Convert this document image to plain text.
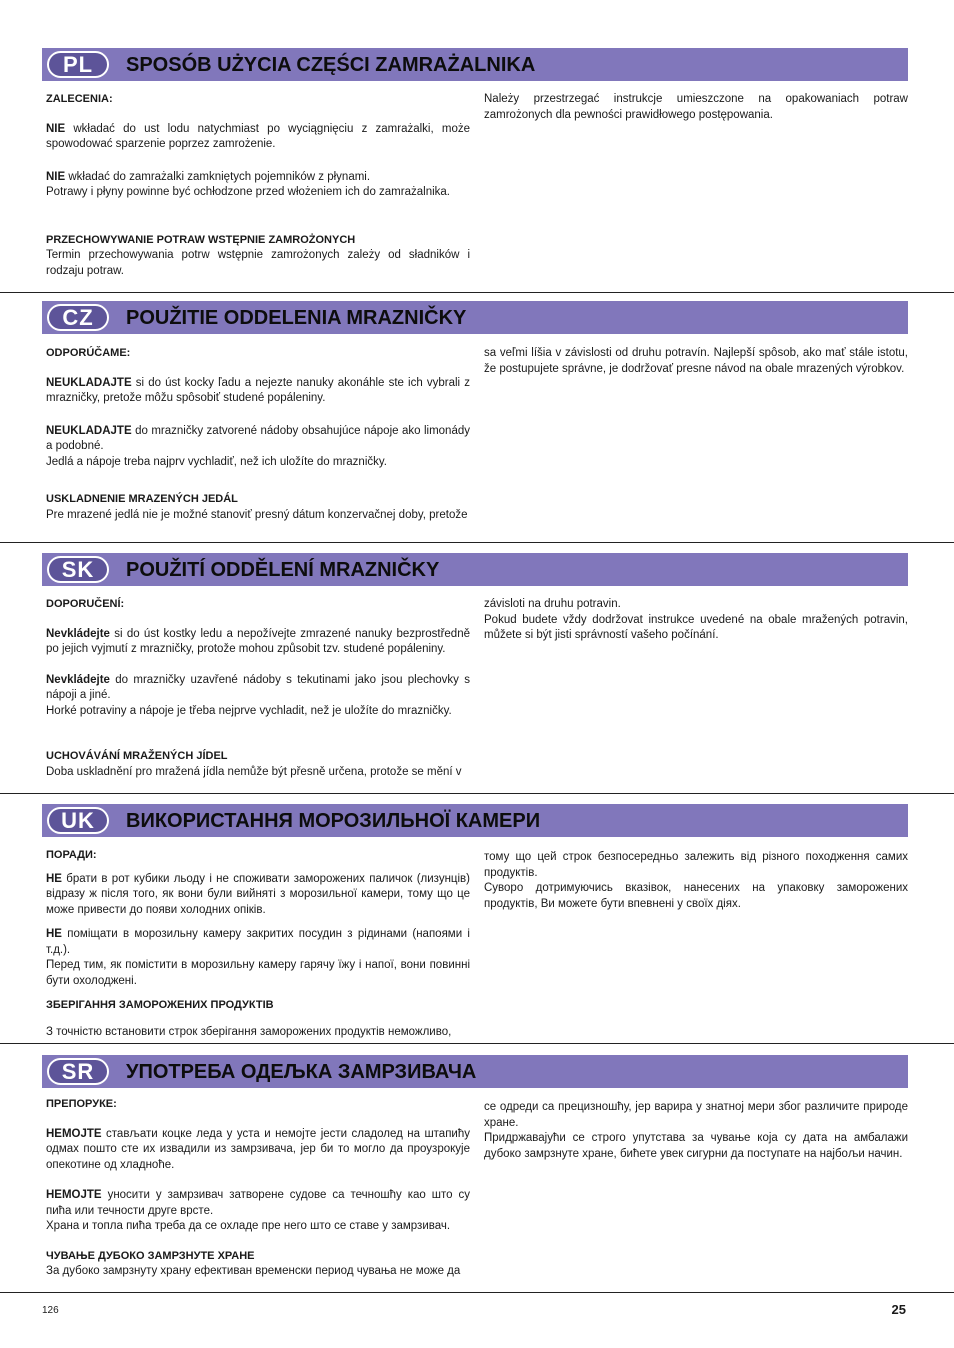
PL	SPOSÓB UŻYCIA CZĘŚCI ZAMRAŻALNIKA

ZALECENIA:

NIE wkładać do ust lodu natychmiast po wyciągnięciu z zamrażalki, może spowodować sparzenie poprzez zamrożenie.

NIE wkładać do zamrażalki zamkniętych pojemników z płynami.

Potrawy i płyny powinne być ochłodzone przed włożeniem ich do zamrażalnika.

PRZECHOWYWANIE POTRAW WSTĘPNIE ZAMROŻONYCH

Termin przechowywania potrw wstępnie zamrożonych zależy od sładników i rodzaju potraw.

Należy przestrzegać instrukcje umieszczone na opakowaniach potraw zamrożonych dla pewności prawidłowego postępowania.

CZ	POUŽITIE ODDELENIA MRAZNIČKY

ODPORÚČAME:

NEUKLADAJTE si do úst kocky ľadu a nejezte nanuky akonáhle ste ich vybrali z mrazničky, pretože môžu spôsobiť studené popáleniny.

NEUKLADAJTE do mrazničky zatvorené nádoby obsahujúce nápoje ako limonády a podobné.

Jedlá a nápoje treba najprv vychladiť, než ich uložíte do mrazničky.

USKLADNENIE MRAZENÝCH JEDÁL

Pre mrazené jedlá nie je možné stanoviť presný dátum konzervačnej doby, pretože

sa veľmi líšia v závislosti od druhu potravín. Najlepší spôsob, ako mať stále istotu, že postupujete správne, je dodržovať presne návod na obale mrazených výrobkov.

SK	POUŽITÍ ODDĚLENÍ MRAZNIČKY

DOPORUČENÍ:

Nevkládejte si do úst kostky ledu a nepožívejte zmrazené nanuky bezprostředně po jejich vyjmutí z mrazničky, protože mohou způsobit tzv. studené popáleniny.

Nevkládejte do mrazničky uzavřené nádoby s tekutinami jako jsou plechovky s nápoji a jiné.

Horké potraviny a nápoje je třeba nejprve vychladit, než je uložíte do mrazničky.

UCHOVÁVÁNÍ MRAŽENÝCH JÍDEL

Doba uskladnění pro mražená jídla nemůže být přesně určena, protože se mění v

závisloti na druhu potravin.

Pokud budete vždy dodržovat instrukce uvedené na obale mražených potravin, můžete si být jisti správností vašeho počínání.

UK	ВИКОРИСТАННЯ МОРОЗИЛЬНОЇ КАМЕРИ

ПОРАДИ:

НЕ брати в рот кубики льоду і не споживати заморожених паличок (лизунців) відразу ж після того, як вони були вийняті з морозильної камери, тому що це може привести до появи холодних опіків.

НЕ поміщати в морозильну камеру закритих посудин з рідинами (напоями і т.д.).

Перед тим, як помістити в морозильну камеру гарячу їжу і напої, вони повинні бути охолоджені.

ЗБЕРІГАННЯ ЗАМОРОЖЕНИХ ПРОДУКТІВ

З точністю встановити строк зберігання заморожених продуктів неможливо,

тому що цей строк безпосередньо залежить від різного походження самих продуктів.

Суворо дотримуючись вказівок, нанесених на упаковку заморожених продуктів, Ви можете бути впевнені у своїх діях.

SR	УПОТРЕБА ОДЕЉКА ЗАМРЗИВАЧА

ПРЕПОРУКЕ:

НЕМОЈТЕ стављати коцке леда у уста и немојте јести сладолед на штапићу одмах пошто сте их извадили из замрзивача, јер би то могло да проузрокује опекотине од хладноће.

НЕМОЈТЕ уносити у замрзивач затворене судове са течношћу као што су пића или течности друге врсте.

Храна и топла пића треба да се охладе пре него што се ставе у замрзивач.

ЧУВАЊЕ ДУБОКО ЗАМРЗНУТЕ ХРАНЕ

За дубоко замрзнуту храну ефективан временски период чувања не може да

се одреди са прецизношћу, јер варира у знатној мери због различите природе хране.

Придржавајући се строго упутстава за чување која су дата на амбалажи дубоко замрзнуте хране, бићете увек сигурни да поступате на најбољи начин.

126	25
